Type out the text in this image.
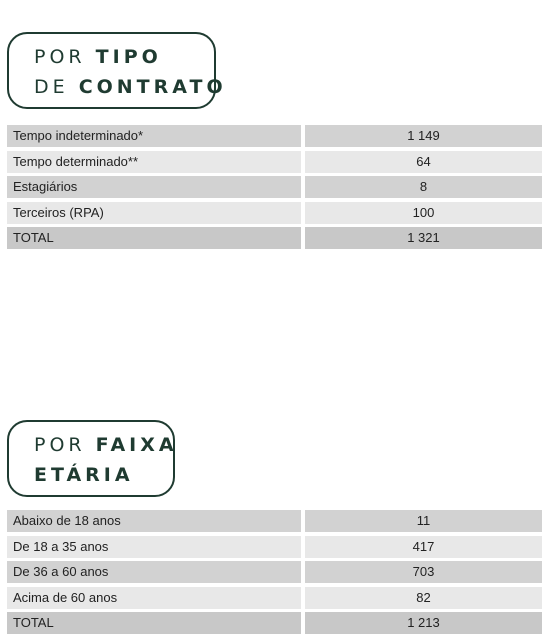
POR TIPO
DE CONTRATO
Tempo indeterminado*	1 149
Tempo determinado**	64
Estagiários	8
Terceiros (RPA)	100
TOTAL	1 321
POR FAIXA
ETÁRIA
Abaixo de 18 anos	11
De 18 a 35 anos	417
De 36 a 60 anos	703
Acima de 60 anos	82
TOTAL	1 213
